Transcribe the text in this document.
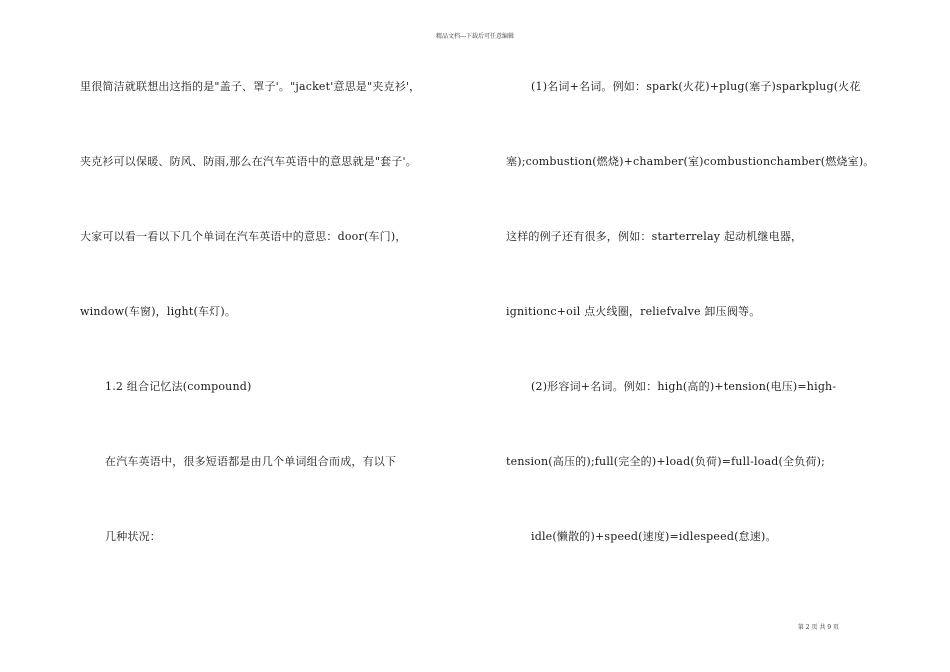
精品文档---下载后可任意编辑
里很简洁就联想出这指的是"盖子、罩子'。"jacket'意思是"夹克衫'，
夹克衫可以保暖、防风、防雨,那么在汽车英语中的意思就是"套子'。
大家可以看一看以下几个单词在汽车英语中的意思：door(车门)，
window(车窗)，light(车灯)。
1.2 组合记忆法(compound)
在汽车英语中，很多短语都是由几个单词组合而成，有以下
几种状况：
(1)名词+名词。例如：spark(火花)+plug(塞子)sparkplug(火花
塞);combustion(燃烧)+chamber(室)combustionchamber(燃烧室)。
这样的例子还有很多，例如：starterrelay 起动机继电器，
ignitionc+oil 点火线圈，reliefvalve 卸压阀等。
(2)形容词+名词。例如：high(高的)+tension(电压)=high-
tension(高压的);full(完全的)+load(负荷)=full-load(全负荷);
idle(懒散的)+speed(速度)=idlespeed(怠速)。
第 2 页 共 9 页
